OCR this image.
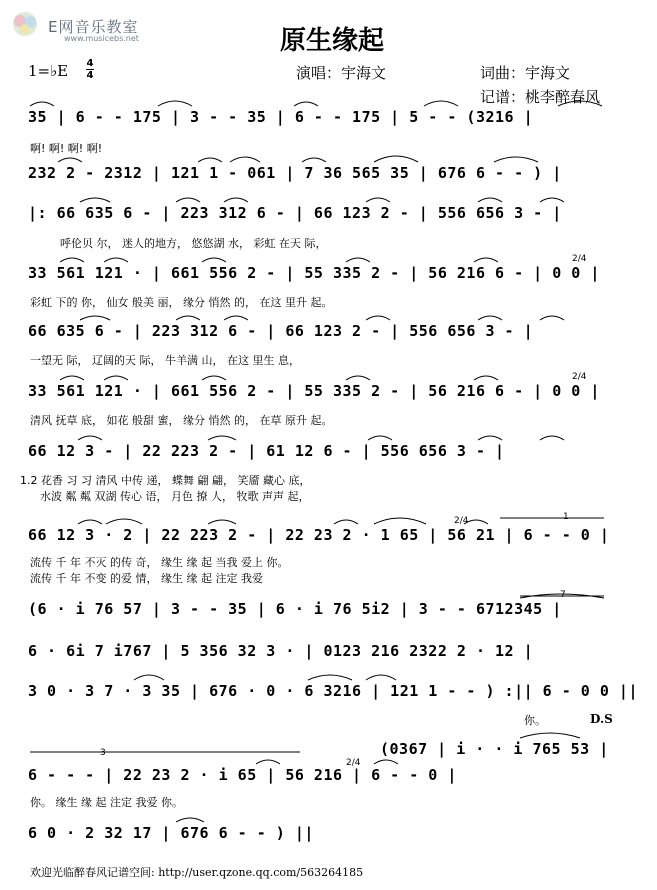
E网音乐教室
www.musicebs.net	原生缘起
1=♭E 4
4	演唱：宇海文	词曲：宇海文
记谱：桃李醉春风
35 | 6 - - 175 | 3 - - 35 | 6 - - 175 | 5 - - (3216 |
啊! 啊! 啊! 啊!
232 2 - 2312 | 121 1 - 061 | 7 36 565 35 | 676 6 - - ) |
|: 66 635 6 - | 223 312 6 - | 66 123 2 - | 556 656 3 - |
呼伦贝 尔， 迷人的地方， 悠悠湖 水， 彩虹 在天 际，
33 561 121 · | 661 556 2 - | 55 335 2 - | 56 216 6 - | 0 0 |
彩虹 下的 你， 仙女 般美 丽， 缘分 悄然 的， 在这 里升 起。
66 635 6 - | 223 312 6 - | 66 123 2 - | 556 656 3 - |
一望无 际， 辽阔的天 际， 牛羊满 山， 在这 里生 息，
33 561 121 · | 661 556 2 - | 55 335 2 - | 56 216 6 - | 0 0 |
清风 抚草 底， 如花 般甜 蜜， 缘分 悄然 的， 在草 原升 起。
66 12 3 - | 22 223 2 - | 61 12 6 - | 556 656 3 - |
1.2 花香 习 习 清风 中传 递， 蝶舞 翩 翩， 笑靥 藏心 底，
水波 粼 粼 双湖 传心 语， 月色 撩 人， 牧歌 声声 起，
66 12 3 · 2 | 22 223 2 - | 22 23 2 · 1 65 | 56 21 | 6 - - 0 |
流传 千 年 不灭 的传 奇， 缘生 缘 起 当我 爱上 你。
流传 千 年 不变 的爱 情， 缘生 缘 起 注定 我爱
(6 · i 76 57 | 3 - - 35 | 6 · i 76 5i2 | 3 - - 6712345 |
6 · 6i 7 i767 | 5 356 32 3 · | 0123 216 2322 2 · 12 |
3 0 · 3 7 · 3 35 | 676 · 0 · 6 3216 | 121 1 - - ) :|| 6 - 0 0 ||
你。	D.S
(0367 | i · · i 765 53 |
6 - - - | 22 23 2 · i 65 | 56 216 | 6 - - 0 |
你。 缘生 缘 起 注定 我爱 你。
6 0 · 2 32 17 | 676 6 - - ) ||
2/4
2/4
2/4
2/4
1
7
3
欢迎光临醉春风记谱空间: http://user.qzone.qq.com/563264185
